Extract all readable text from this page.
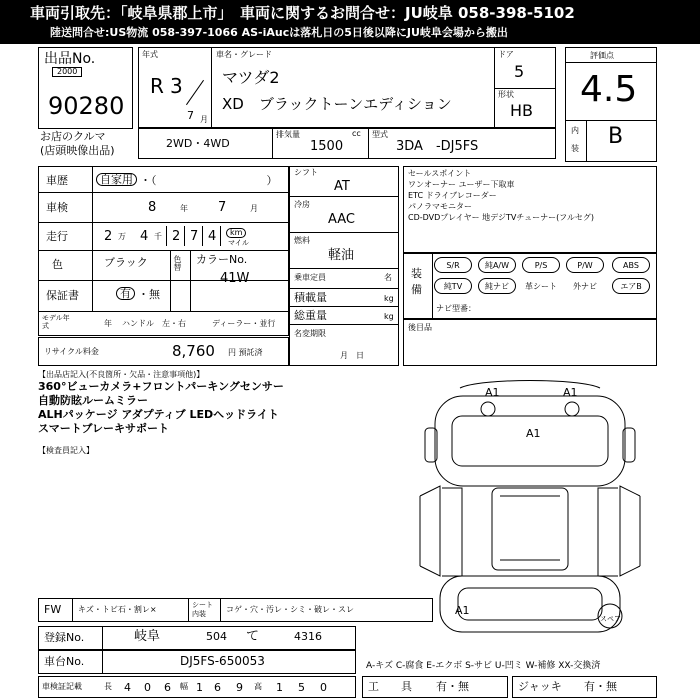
車両引取先：「岐阜県郡上市」　車両に関するお問合せ：JU岐阜 058-398-5102
陸送問合せ:US物流 058-397-1066 AS-iAucは落札日の5日後以降にJU岐阜会場から搬出
出品No.
2000
90280
年式
R 3
7 月
車名・グレード
マツダ2
XD　ブラックトーンエディション
ドア
5
形状
HB
評価点
4.5
内
装 B
お店のクルマ
(店頭映像出品)
2WD・4WD
排気量
1500
cc 型式
3DA　-DJ5FS
車歴	自家用 ・（　　　　　　　　　　）
車検	8	年 7	月
走行	2 万 4 千 2 7 4	km
マイル
色	ブラック	色替 カラーNo.
41W
保証書	有 ・無
モデル年式	年 ハンドル　左・右	ディーラー・並行
シフト
AT
冷房
AAC
燃料
軽油
乗車定員	名
積載量	kg
総重量	kg
名変期限
月　日
セールスポイント
ワンオーナー ユーザー下取車
ETC ドライブレコーダー
パノラマモニター
CD-DVDプレイヤー 地デジTVチューナー(フルセグ)
装
備
S/R	純A/W	P/S	P/W	ABS
純TV	純ナビ	革シート	外ナビ	エアB
ナビ型番：
後目品
リサイクル料金	8,760 円 預託済
【出品店記入(不良箇所・欠品・注意事項他)】
360°ビューカメラ+フロントパーキングセンサー
自動防眩ルームミラー
ALHパッケージ アダプティブ LEDヘッドライト
スマートブレーキサポート
【検査員記入】
A1	A1
A1
A1
スペア
FW キズ・トビ石・割レ×	シート内装	コゲ・穴・汚レ・シミ・破レ・スレ
登録No.	岐阜	504 て	4316
車台No.	DJ5FS-650053	A-キズ C-腐食 E-エクボ S-サビ U-凹ミ W-補修 XX-交換済
車検証記載	長 4 0 6 幅 1 6 9 高 1 5 0	工　　具 有・無	ジャッキ 有・無
